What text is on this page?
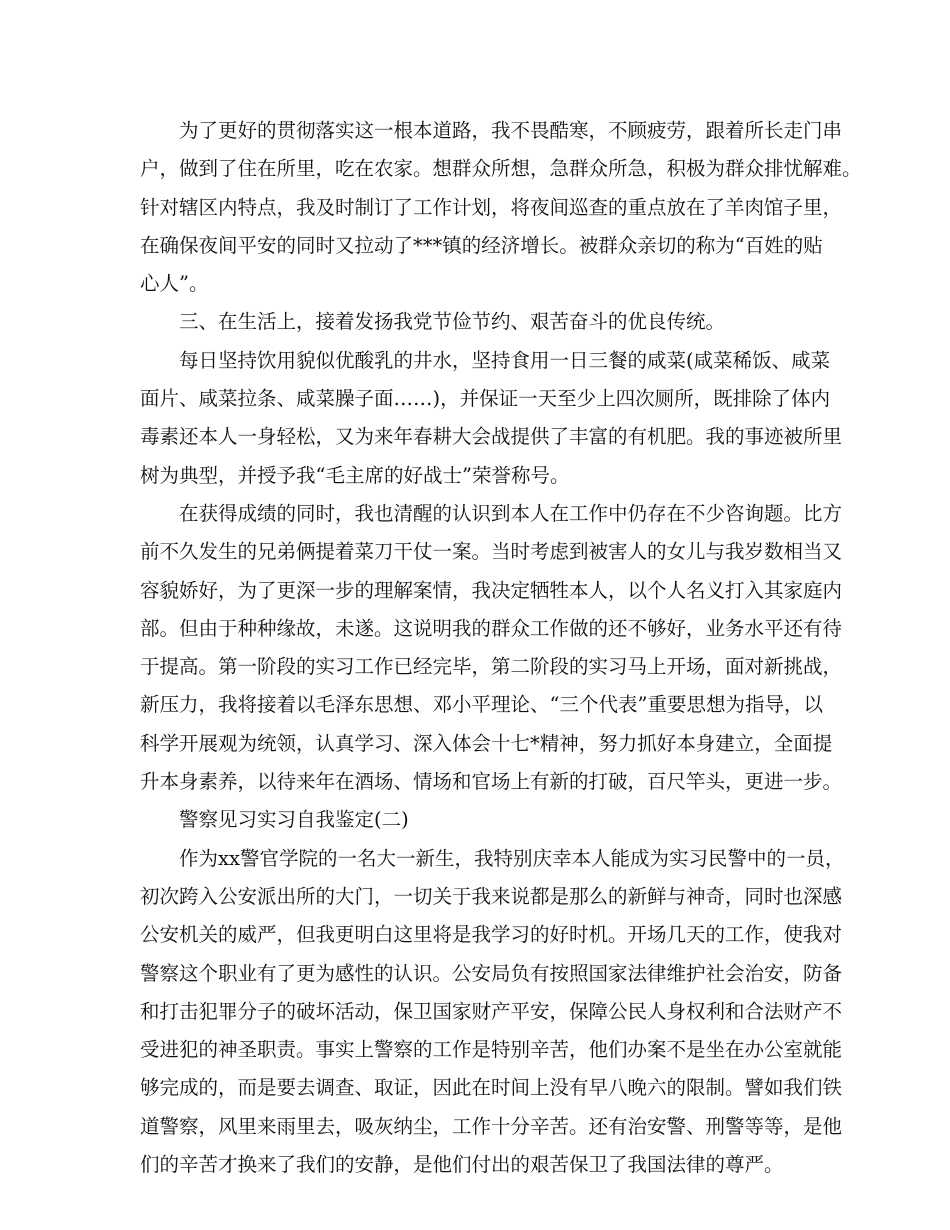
为了更好的贯彻落实这一根本道路，我不畏酷寒，不顾疲劳，跟着所长走门串
户，做到了住在所里，吃在农家。想群众所想，急群众所急，积极为群众排忧解难。
针对辖区内特点，我及时制订了工作计划，将夜间巡查的重点放在了羊肉馆子里，
在确保夜间平安的同时又拉动了***镇的经济增长。被群众亲切的称为“百姓的贴
心人”。
三、在生活上，接着发扬我党节俭节约、艰苦奋斗的优良传统。
每日坚持饮用貌似优酸乳的井水，坚持食用一日三餐的咸菜(咸菜稀饭、咸菜
面片、咸菜拉条、咸菜臊子面……)，并保证一天至少上四次厕所，既排除了体内
毒素还本人一身轻松，又为来年春耕大会战提供了丰富的有机肥。我的事迹被所里
树为典型，并授予我“毛主席的好战士”荣誉称号。
在获得成绩的同时，我也清醒的认识到本人在工作中仍存在不少咨询题。比方
前不久发生的兄弟俩提着菜刀干仗一案。当时考虑到被害人的女儿与我岁数相当又
容貌娇好，为了更深一步的理解案情，我决定牺牲本人，以个人名义打入其家庭内
部。但由于种种缘故，未遂。这说明我的群众工作做的还不够好，业务水平还有待
于提高。第一阶段的实习工作已经完毕，第二阶段的实习马上开场，面对新挑战，
新压力，我将接着以毛泽东思想、邓小平理论、“三个代表”重要思想为指导，以
科学开展观为统领，认真学习、深入体会十七*精神，努力抓好本身建立，全面提
升本身素养，以待来年在酒场、情场和官场上有新的打破，百尺竿头，更进一步。
警察见习实习自我鉴定(二)
作为xx警官学院的一名大一新生，我特别庆幸本人能成为实习民警中的一员，
初次跨入公安派出所的大门，一切关于我来说都是那么的新鲜与神奇，同时也深感
公安机关的威严，但我更明白这里将是我学习的好时机。开场几天的工作，使我对
警察这个职业有了更为感性的认识。公安局负有按照国家法律维护社会治安，防备
和打击犯罪分子的破坏活动，保卫国家财产平安，保障公民人身权利和合法财产不
受进犯的神圣职责。事实上警察的工作是特别辛苦，他们办案不是坐在办公室就能
够完成的，而是要去调查、取证，因此在时间上没有早八晚六的限制。譬如我们铁
道警察，风里来雨里去，吸灰纳尘，工作十分辛苦。还有治安警、刑警等等，是他
们的辛苦才换来了我们的安静，是他们付出的艰苦保卫了我国法律的尊严。
